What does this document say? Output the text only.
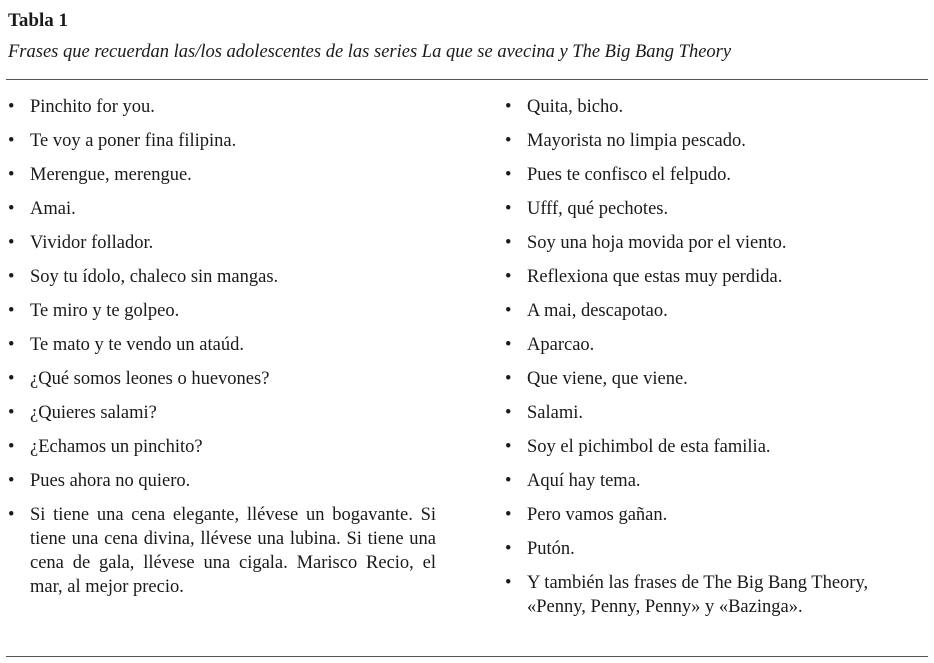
Tabla 1

Frases que recuerdan las/los adolescentes de las series La que se avecina y The Big Bang Theory

• Pinchito for you.
• Te voy a poner fina filipina.
• Merengue, merengue.
• Amai.
• Vividor follador.
• Soy tu ídolo, chaleco sin mangas.
• Te miro y te golpeo.
• Te mato y te vendo un ataúd.
• ¿Qué somos leones o huevones?
• ¿Quieres salami?
• ¿Echamos un pinchito?
• Pues ahora no quiero.
• Si tiene una cena elegante, llévese un bogavante. Si tiene una cena divina, llévese una lubina. Si tiene una cena de gala, llévese una cigala. Marisco Recio, el mar, al mejor precio.
• Quita, bicho.
• Mayorista no limpia pescado.
• Pues te confisco el felpudo.
• Ufff, qué pechotes.
• Soy una hoja movida por el viento.
• Reflexiona que estas muy perdida.
• A mai, descapotao.
• Aparcao.
• Que viene, que viene.
• Salami.
• Soy el pichimbol de esta familia.
• Aquí hay tema.
• Pero vamos gañan.
• Putón.
• Y también las frases de The Big Bang Theory, «Penny, Penny, Penny» y «Bazinga».
